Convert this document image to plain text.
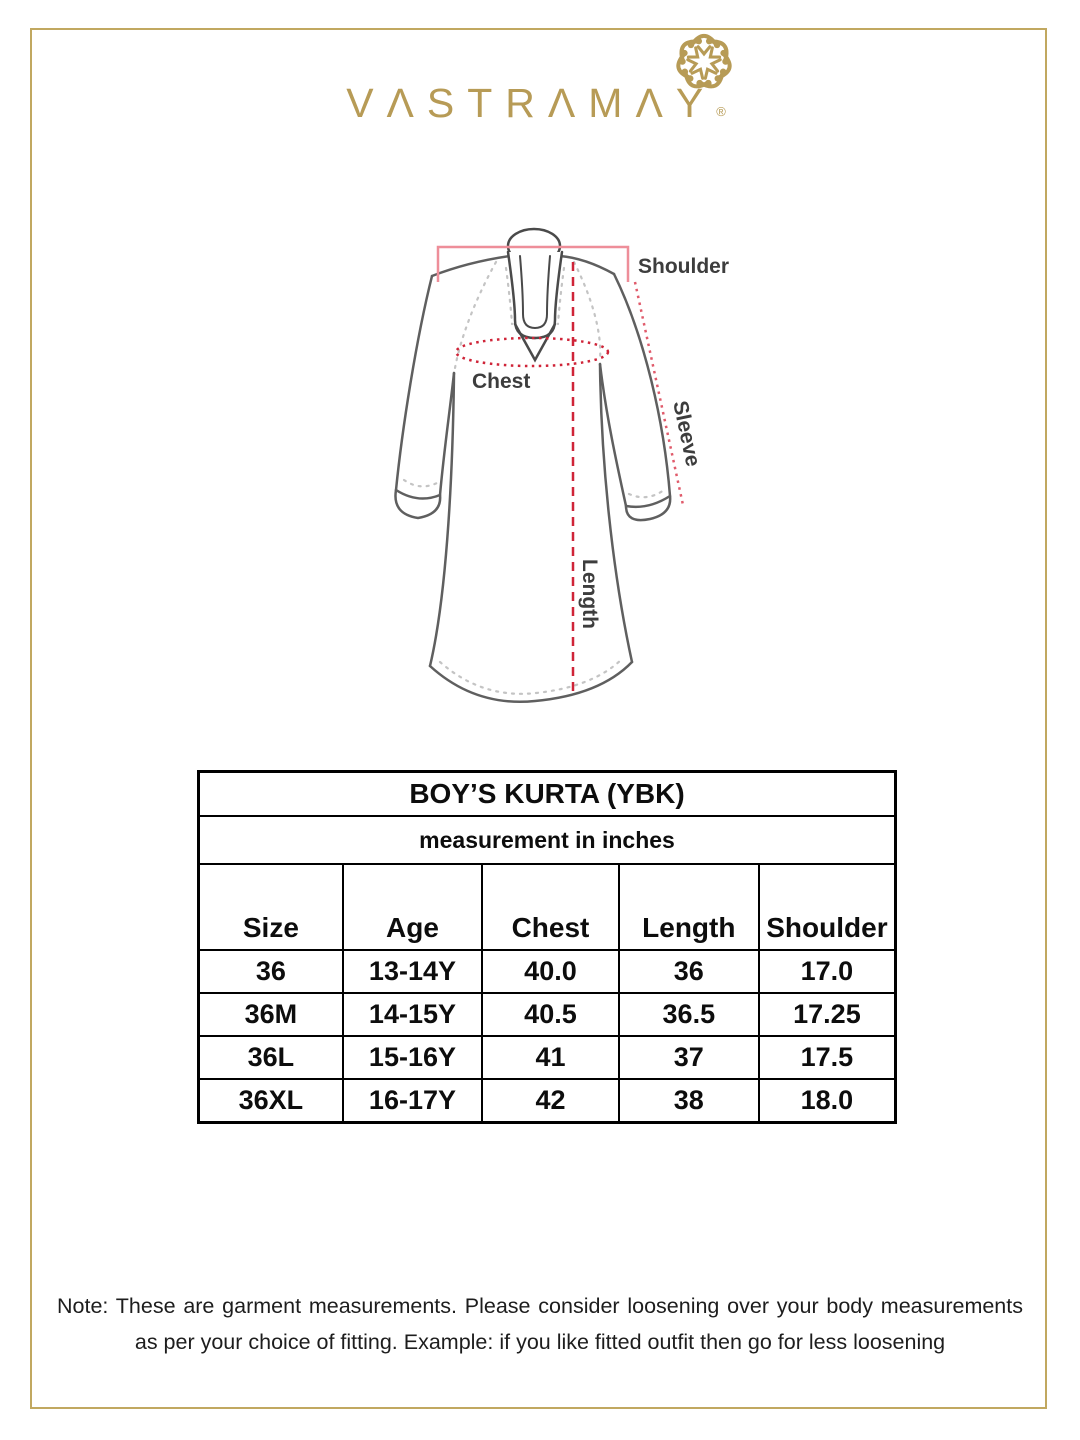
VΛSTRΛMΛY®
Shoulder
Chest
Sleeve
Length
BOY’S KURTA (YBK)				
measurement in inches				
Size	Age	Chest	Length	Shoulder
36	13-14Y	40.0	36	17.0
36M	14-15Y	40.5	36.5	17.25
36L	15-16Y	41	37	17.5
36XL	16-17Y	42	38	18.0
Note: These are garment measurements. Please consider loosening over your body measurements
as per your choice of fitting. Example: if you like fitted outfit then go for less loosening
